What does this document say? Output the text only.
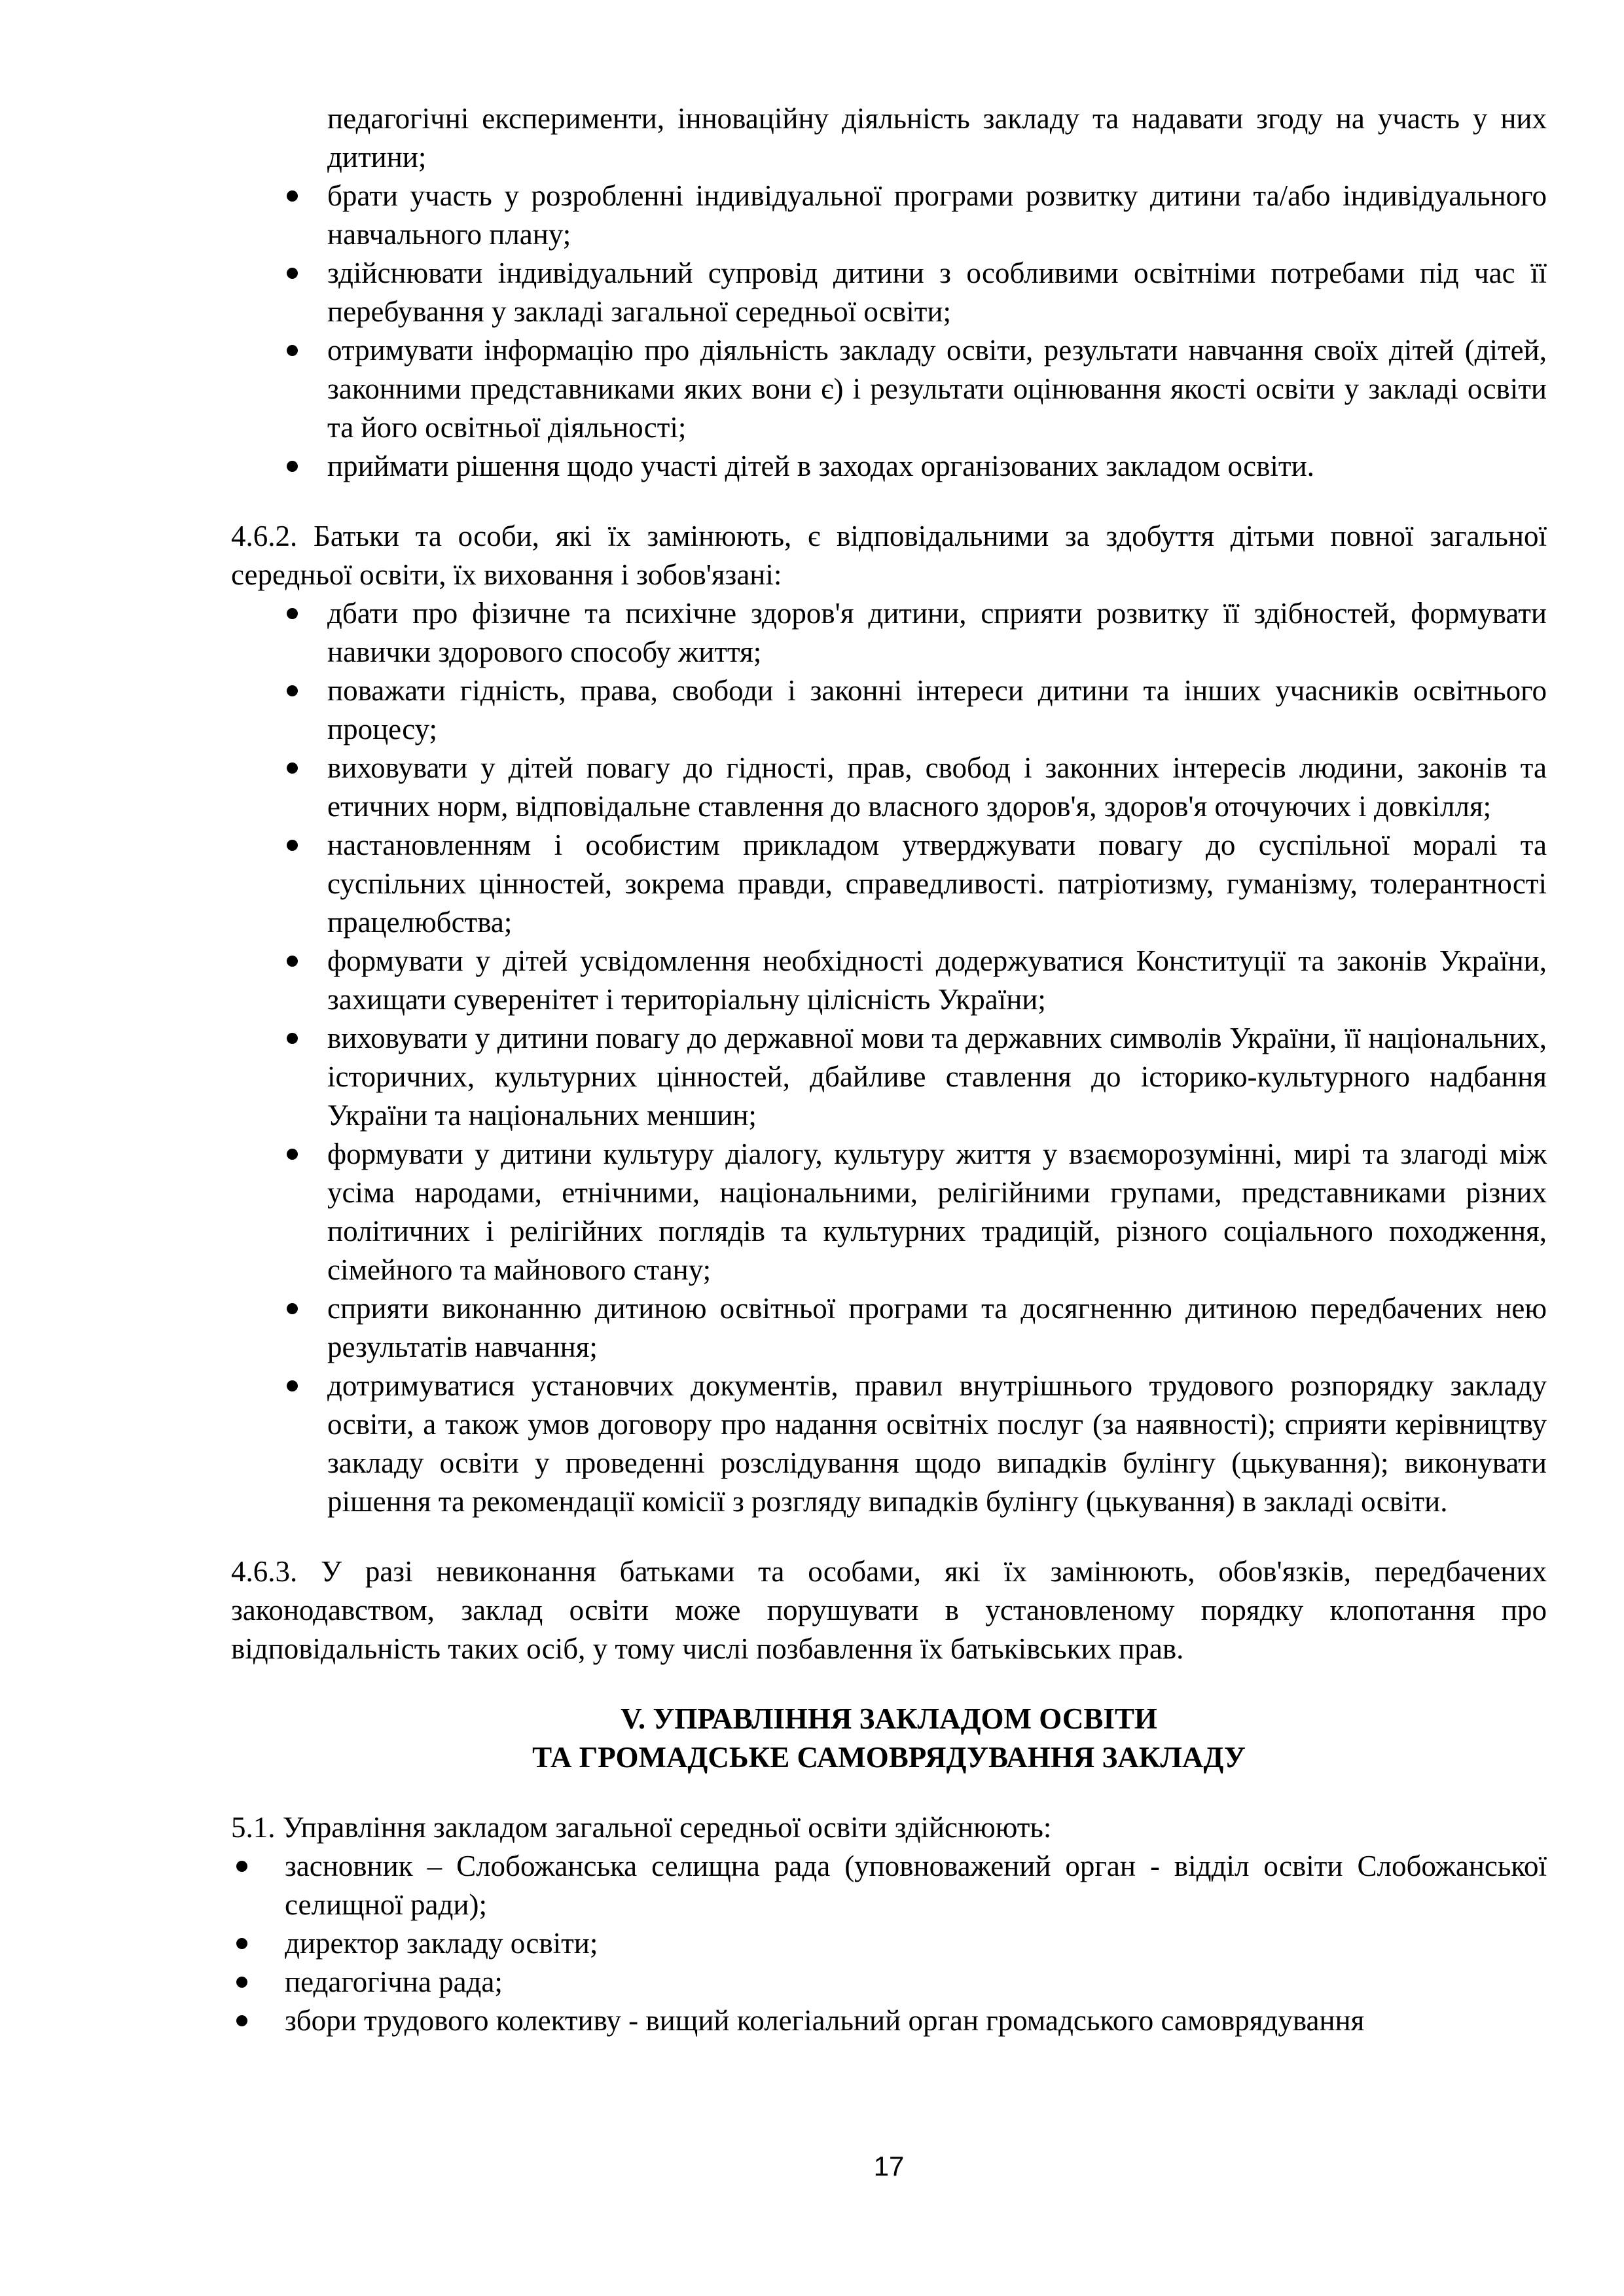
педагогічні експерименти, інноваційну діяльність закладу та надавати згоду на участь у них дитини;
брати участь у розробленні індивідуальної програми розвитку дитини та/або індивідуального навчального плану;
здійснювати індивідуальний супровід дитини з особливими освітніми потребами під час її перебування у закладі загальної середньої освіти;
отримувати інформацію про діяльність закладу освіти, результати навчання своїх дітей (дітей, законними представниками яких вони є) і результати оцінювання якості освіти у закладі освіти та його освітньої діяльності;
приймати рішення щодо участі дітей в заходах організованих закладом освіти.

4.6.2. Батьки та особи, які їх замінюють, є відповідальними за здобуття дітьми повної загальної середньої освіти, їх виховання і зобов'язані:

дбати про фізичне та психічне здоров'я дитини, сприяти розвитку її здібностей, формувати навички здорового способу життя;
поважати гідність, права, свободи і законні інтереси дитини та інших учасників освітнього процесу;
виховувати у дітей повагу до гідності, прав, свобод і законних інтересів людини, законів та етичних норм, відповідальне ставлення до власного здоров'я, здоров'я оточуючих і довкілля;
настановленням і особистим прикладом утверджувати повагу до суспільної моралі та суспільних цінностей, зокрема правди, справедливості. патріотизму, гуманізму, толерантності працелюбства;
формувати у дітей усвідомлення необхідності додержуватися Конституції та законів України, захищати суверенітет і територіальну цілісність України;
виховувати у дитини повагу до державної мови та державних символів України, її національних, історичних, культурних цінностей, дбайливе ставлення до історико-культурного надбання України та національних меншин;
формувати у дитини культуру діалогу, культуру життя у взаєморозумінні, мирі та злагоді між усіма народами, етнічними, національними, релігійними групами, представниками різних політичних і релігійних поглядів та культурних традицій, різного соціального походження, сімейного та майнового стану;
сприяти виконанню дитиною освітньої програми та досягненню дитиною передбачених нею результатів навчання;
дотримуватися установчих документів, правил внутрішнього трудового розпорядку закладу освіти, а також умов договору про надання освітніх послуг (за наявності); сприяти керівництву закладу освіти у проведенні розслідування щодо випадків булінгу (цькування); виконувати рішення та рекомендації комісії з розгляду випадків булінгу (цькування) в закладі освіти.

4.6.3. У разі невиконання батьками та особами, які їх замінюють, обов'язків, передбачених законодавством, заклад освіти може порушувати в установленому порядку клопотання про відповідальність таких осіб, у тому числі позбавлення їх батьківських прав.

V. УПРАВЛІННЯ ЗАКЛАДОМ ОСВІТИ
ТА ГРОМАДСЬКЕ САМОВРЯДУВАННЯ ЗАКЛАДУ

5.1. Управління закладом загальної середньої освіти здійснюють:

засновник – Слобожанська селищна рада (уповноважений орган - відділ освіти Слобожанської селищної ради);
директор закладу освіти;
педагогічна рада;
збори трудового колективу - вищий колегіальний орган громадського самоврядування
17
